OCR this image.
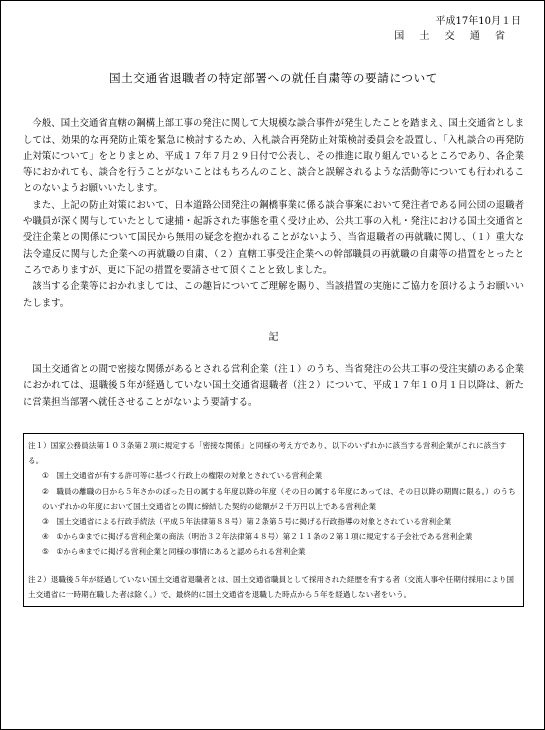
平成17年10月１日
国 土 交 通 省
国土交通省退職者の特定部署への就任自粛等の要請について

今般、国土交通省直轄の鋼構上部工事の発注に関して大規模な談合事件が発生したことを踏まえ、国土交通省としましては、効果的な再発防止策を緊急に検討するため、入札談合再発防止対策検討委員会を設置し、「入札談合の再発防止対策について」をとりまとめ、平成１７年７月２９日付で公表し、その推進に取り組んでいるところであり、各企業等におかれても、談合を行うことがないことはもちろんのこと、談合と誤解されるような活動等についても行われることのないようお願いいたします。

また、上記の防止対策において、日本道路公団発注の鋼橋事業に係る談合事案において発注者である同公団の退職者や職員が深く関与していたとして逮捕・起訴された事態を重く受け止め、公共工事の入札・発注における国土交通省と受注企業との関係について国民から無用の疑念を抱かれることがないよう、当省退職者の再就職に関し、（１）重大な法令違反に関与した企業への再就職の自粛、（２）直轄工事受注企業への幹部職員の再就職の自粛等の措置をとったところでありますが、更に下記の措置を要請させて頂くことと致しました。

該当する企業等におかれましては、この趣旨についてご理解を賜り、当該措置の実施にご協力を頂けるようお願いいたします。

記
国土交通省との間で密接な関係があるとされる営利企業（注１）のうち、当省発注の公共工事の受注実績のある企業におかれては、退職後５年が経過していない国土交通省退職者（注２）について、平成１７年１０月１日以降は、新たに営業担当部署へ就任させることがないよう要請する。

注１）国家公務員法第１０３条第２項に規定する「密接な関係」と同様の考え方であり、以下のいずれかに該当する営利企業がこれに該当する。

①　国土交通省が有する許可等に基づく行政上の権限の対象とされている営利企業

②　職員の離職の日から５年さかのぼった日の属する年度以降の年度（その日の属する年度にあっては、その日以降の期間に限る。）のうちのいずれかの年度において国土交通省との間に締結した契約の総額が２千万円以上である営利企業

③　国土交通省による行政手続法（平成５年法律第８８号）第２条第５号に掲げる行政指導の対象とされている営利企業

④　①から③までに掲げる営利企業の商法（明治３２年法律第４８号）第２１１条の２第１項に規定する子会社である営利企業

⑤　①から④までに掲げる営利企業と同様の事情にあると認められる営利企業

注２）退職後５年が経過していない国土交通省退職者とは、国土交通省職員として採用された経歴を有する者（交流人事や任期付採用により国土交通省に一時期在職した者は除く。）で、最終的に国土交通省を退職した時点から５年を経過しない者をいう。
